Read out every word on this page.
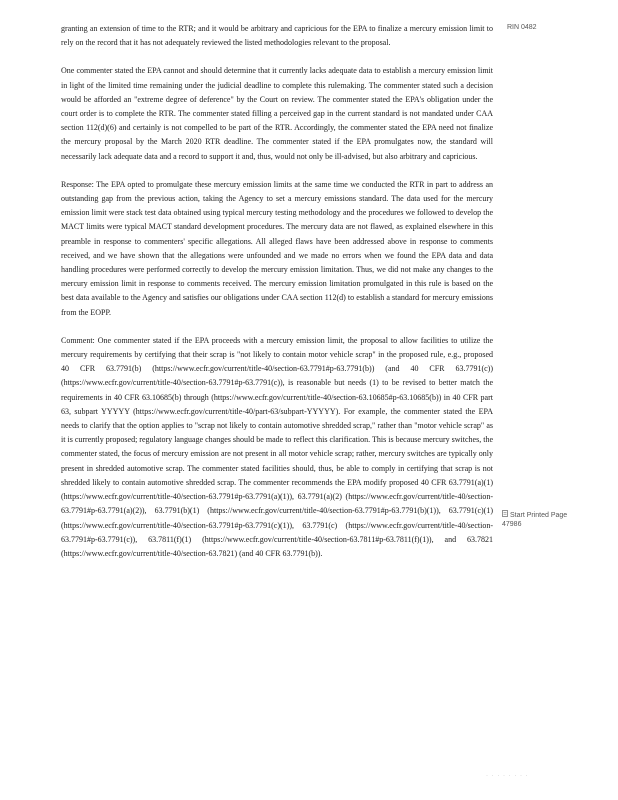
RIN 0482

granting an extension of time to the RTR; and it would be arbitrary and capricious for the EPA to finalize a mercury emission limit to rely on the record that it has not adequately reviewed the listed methodologies relevant to the proposal.

One commenter stated the EPA cannot and should determine that it currently lacks adequate data to establish a mercury emission limit in light of the limited time remaining under the judicial deadline to complete this rulemaking. The commenter stated such a decision would be afforded an "extreme degree of deference" by the Court on review. The commenter stated the EPA's obligation under the court order is to complete the RTR. The commenter stated filling a perceived gap in the current standard is not mandated under CAA section 112(d)(6) and certainly is not compelled to be part of the RTR. Accordingly, the commenter stated the EPA need not finalize the mercury proposal by the March 2020 RTR deadline. The commenter stated if the EPA promulgates now, the standard will necessarily lack adequate data and a record to support it and, thus, would not only be ill-advised, but also arbitrary and capricious.

Response: The EPA opted to promulgate these mercury emission limits at the same time we conducted the RTR in part to address an outstanding gap from the previous action, taking the Agency to set a mercury emissions standard. The data used for the mercury emission limit were stack test data obtained using typical mercury testing methodology and the procedures we followed to develop the MACT limits were typical MACT standard development procedures. The mercury data are not flawed, as explained elsewhere in this preamble in response to commenters' specific allegations. All alleged flaws have been addressed above in response to comments received, and we have shown that the allegations were unfounded and we made no errors when we found the EPA data and data handling procedures were performed correctly to develop the mercury emission limitation. Thus, we did not make any changes to the mercury emission limit in response to comments received. The mercury emission limitation promulgated in this rule is based on the best data available to the Agency and satisfies our obligations under CAA section 112(d) to establish a standard for mercury emissions from the EOPP.

Comment: One commenter stated if the EPA proceeds with a mercury emission limit, the proposal to allow facilities to utilize the mercury requirements by certifying that their scrap is "not likely to contain motor vehicle scrap" in the proposed rule, e.g., proposed 40 CFR 63.7791(b) (https://www.ecfr.gov/current/title-40/section-63.7791#p-63.7791(b)) (and 40 CFR 63.7791(c)) (https://www.ecfr.gov/current/title-40/section-63.7791#p-63.7791(c)), is reasonable but needs (1) to be revised to better match the requirements in 40 CFR 63.10685(b) through (https://www.ecfr.gov/current/title-40/section-63.10685#p-63.10685(b)) in 40 CFR part 63, subpart YYYYY (https://www.ecfr.gov/current/title-40/part-63/subpart-YYYYY). For example, the commenter stated the EPA needs to clarify that the option applies to "scrap not likely to contain automotive shredded scrap," rather than "motor vehicle scrap" as it is currently proposed; regulatory language changes should be made to reflect this clarification. This is because mercury switches, the commenter stated, the focus of mercury emission are not present in all motor vehicle scrap; rather, mercury switches are typically only present in shredded automotive scrap. The commenter stated facilities should, thus, be able to comply in certifying that scrap is not shredded likely to contain automotive shredded scrap. The commenter recommends the EPA modify proposed 40 CFR 63.7791(a)(1) (https://www.ecfr.gov/current/title-40/section-63.7791#p-63.7791(a)(1)), 63.7791(a)(2) (https://www.ecfr.gov/current/title-40/section-63.7791#p-63.7791(a)(2)), 63.7791(b)(1) (https://www.ecfr.gov/current/title-40/section-63.7791#p-63.7791(b)(1)), 63.7791(c)(1) (https://www.ecfr.gov/current/title-40/section-63.7791#p-63.7791(c)(1)), 63.7791(c) (https://www.ecfr.gov/current/title-40/section-63.7791#p-63.7791(c)), 63.7811(f)(1) (https://www.ecfr.gov/current/title-40/section-63.7811#p-63.7811(f)(1)), and 63.7821 (https://www.ecfr.gov/current/title-40/section-63.7821) (and 40 CFR 63.7791(b)).

Start Printed Page 47986
· · · · · · · ·
